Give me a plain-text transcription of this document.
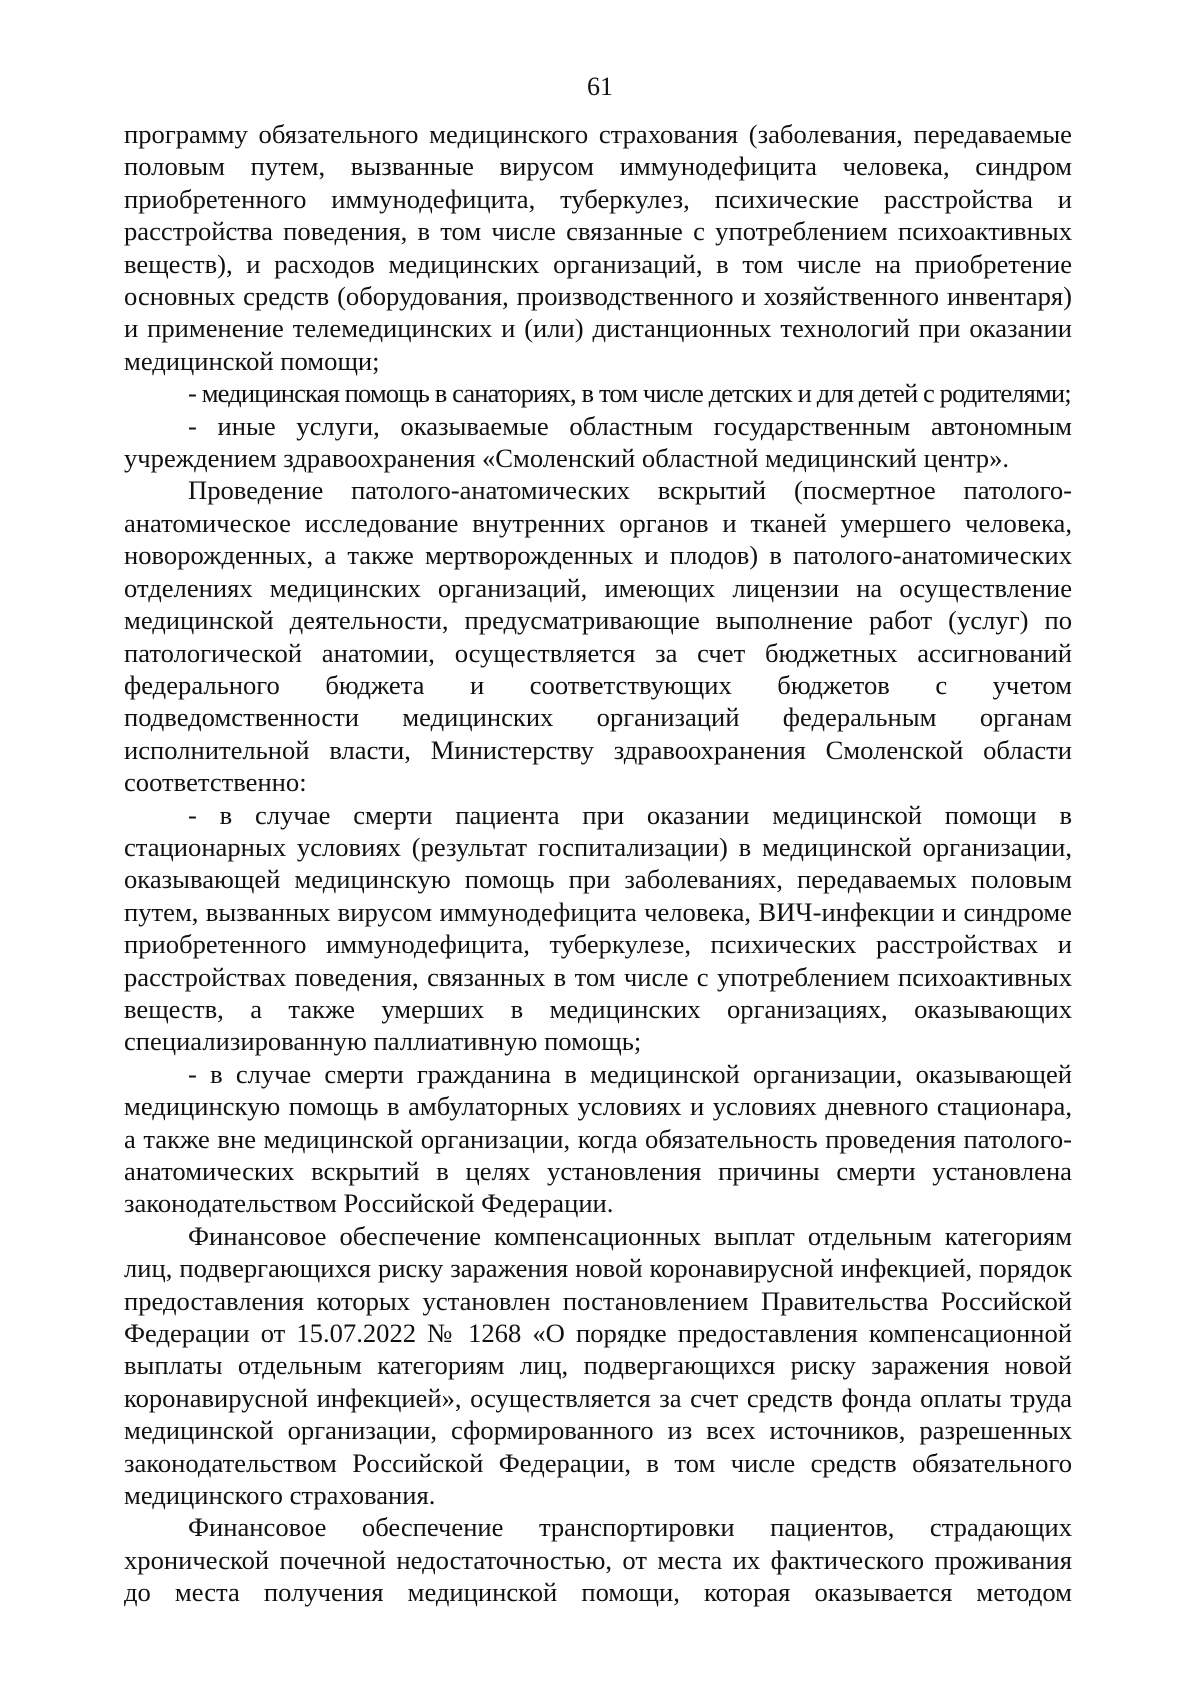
61

программу обязательного медицинского страхования (заболевания, передаваемые половым путем, вызванные вирусом иммунодефицита человека, синдром приобретенного иммунодефицита, туберкулез, психические расстройства и расстройства поведения, в том числе связанные с употреблением психоактивных веществ), и расходов медицинских организаций, в том числе на приобретение основных средств (оборудования, производственного и хозяйственного инвентаря) и применение телемедицинских и (или) дистанционных технологий при оказании медицинской помощи;

- медицинская помощь в санаториях, в том числе детских и для детей с родителями;

- иные услуги, оказываемые областным государственным автономным учреждением здравоохранения «Смоленский областной медицинский центр».

Проведение патолого-анатомических вскрытий (посмертное патолого-анатомическое исследование внутренних органов и тканей умершего человека, новорожденных, а также мертворожденных и плодов) в патолого-анатомических отделениях медицинских организаций, имеющих лицензии на осуществление медицинской деятельности, предусматривающие выполнение работ (услуг) по патологической анатомии, осуществляется за счет бюджетных ассигнований федерального бюджета и соответствующих бюджетов с учетом подведомственности медицинских организаций федеральным органам исполнительной власти, Министерству здравоохранения Смоленской области соответственно:

- в случае смерти пациента при оказании медицинской помощи в стационарных условиях (результат госпитализации) в медицинской организации, оказывающей медицинскую помощь при заболеваниях, передаваемых половым путем, вызванных вирусом иммунодефицита человека, ВИЧ-инфекции и синдроме приобретенного иммунодефицита, туберкулезе, психических расстройствах и расстройствах поведения, связанных в том числе с употреблением психоактивных веществ, а также умерших в медицинских организациях, оказывающих специализированную паллиативную помощь;

- в случае смерти гражданина в медицинской организации, оказывающей медицинскую помощь в амбулаторных условиях и условиях дневного стационара, а также вне медицинской организации, когда обязательность проведения патолого-анатомических вскрытий в целях установления причины смерти установлена законодательством Российской Федерации.

Финансовое обеспечение компенсационных выплат отдельным категориям лиц, подвергающихся риску заражения новой коронавирусной инфекцией, порядок предоставления которых установлен постановлением Правительства Российской Федерации от 15.07.2022 № 1268 «О порядке предоставления компенсационной выплаты отдельным категориям лиц, подвергающихся риску заражения новой коронавирусной инфекцией», осуществляется за счет средств фонда оплаты труда медицинской организации, сформированного из всех источников, разрешенных законодательством Российской Федерации, в том числе средств обязательного медицинского страхования.

Финансовое обеспечение транспортировки пациентов, страдающих хронической почечной недостаточностью, от места их фактического проживания до места получения медицинской помощи, которая оказывается методом
